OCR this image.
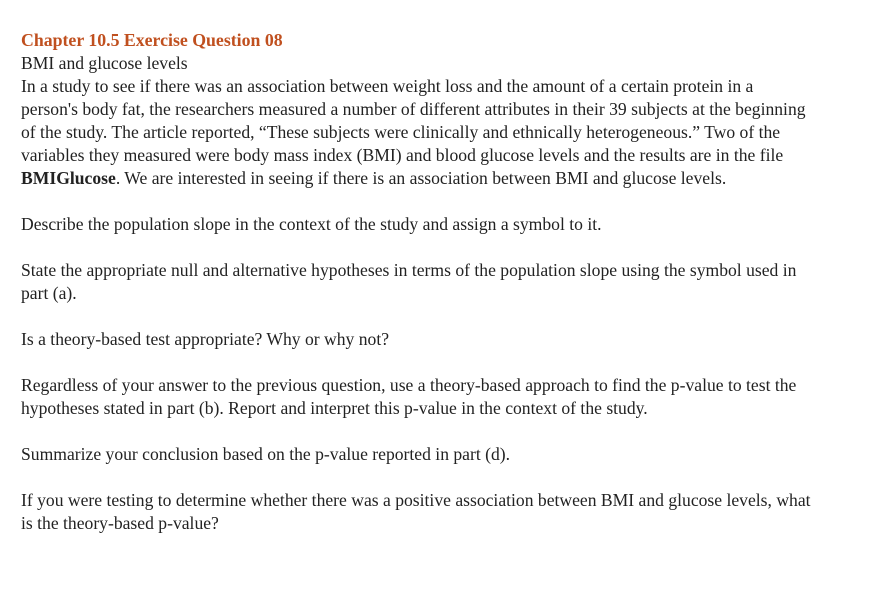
Chapter 10.5 Exercise Question 08

BMI and glucose levels

In a study to see if there was an association between weight loss and the amount of a certain protein in a person's body fat, the researchers measured a number of different attributes in their 39 subjects at the beginning of the study. The article reported, “These subjects were clinically and ethnically heterogeneous.” Two of the variables they measured were body mass index (BMI) and blood glucose levels and the results are in the file BMIGlucose. We are interested in seeing if there is an association between BMI and glucose levels.

Describe the population slope in the context of the study and assign a symbol to it.

State the appropriate null and alternative hypotheses in terms of the population slope using the symbol used in part (a).

Is a theory-based test appropriate? Why or why not?

Regardless of your answer to the previous question, use a theory-based approach to find the p-value to test the hypotheses stated in part (b). Report and interpret this p-value in the context of the study.

Summarize your conclusion based on the p-value reported in part (d).

If you were testing to determine whether there was a positive association between BMI and glucose levels, what is the theory-based p-value?
